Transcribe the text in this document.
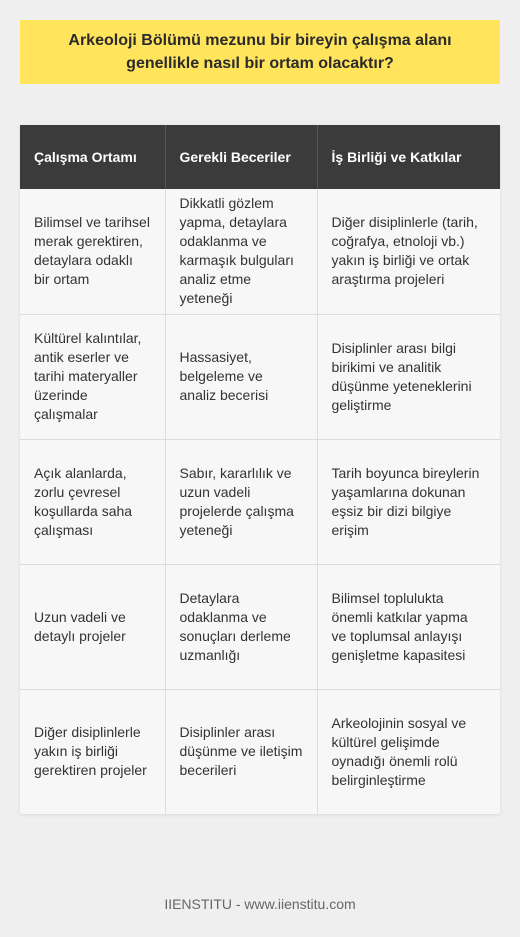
Arkeoloji Bölümü mezunu bir bireyin çalışma alanı genellikle nasıl bir ortam olacaktır?
Çalışma Ortamı	Gerekli Beceriler	İş Birliği ve Katkılar
Bilimsel ve tarihsel merak gerektiren, detaylara odaklı bir ortam	Dikkatli gözlem yapma, detaylara odaklanma ve karmaşık bulguları analiz etme yeteneği	Diğer disiplinlerle (tarih, coğrafya, etnoloji vb.) yakın iş birliği ve ortak araştırma projeleri
Kültürel kalıntılar, antik eserler ve tarihi materyaller üzerinde çalışmalar	Hassasiyet, belgeleme ve analiz becerisi	Disiplinler arası bilgi birikimi ve analitik düşünme yeteneklerini geliştirme
Açık alanlarda, zorlu çevresel koşullarda saha çalışması	Sabır, kararlılık ve uzun vadeli projelerde çalışma yeteneği	Tarih boyunca bireylerin yaşamlarına dokunan eşsiz bir dizi bilgiye erişim
Uzun vadeli ve detaylı projeler	Detaylara odaklanma ve sonuçları derleme uzmanlığı	Bilimsel toplulukta önemli katkılar yapma ve toplumsal anlayışı genişletme kapasitesi
Diğer disiplinlerle yakın iş birliği gerektiren projeler	Disiplinler arası düşünme ve iletişim becerileri	Arkeolojinin sosyal ve kültürel gelişimde oynadığı önemli rolü belirginleştirme
IIENSTITU - www.iienstitu.com
